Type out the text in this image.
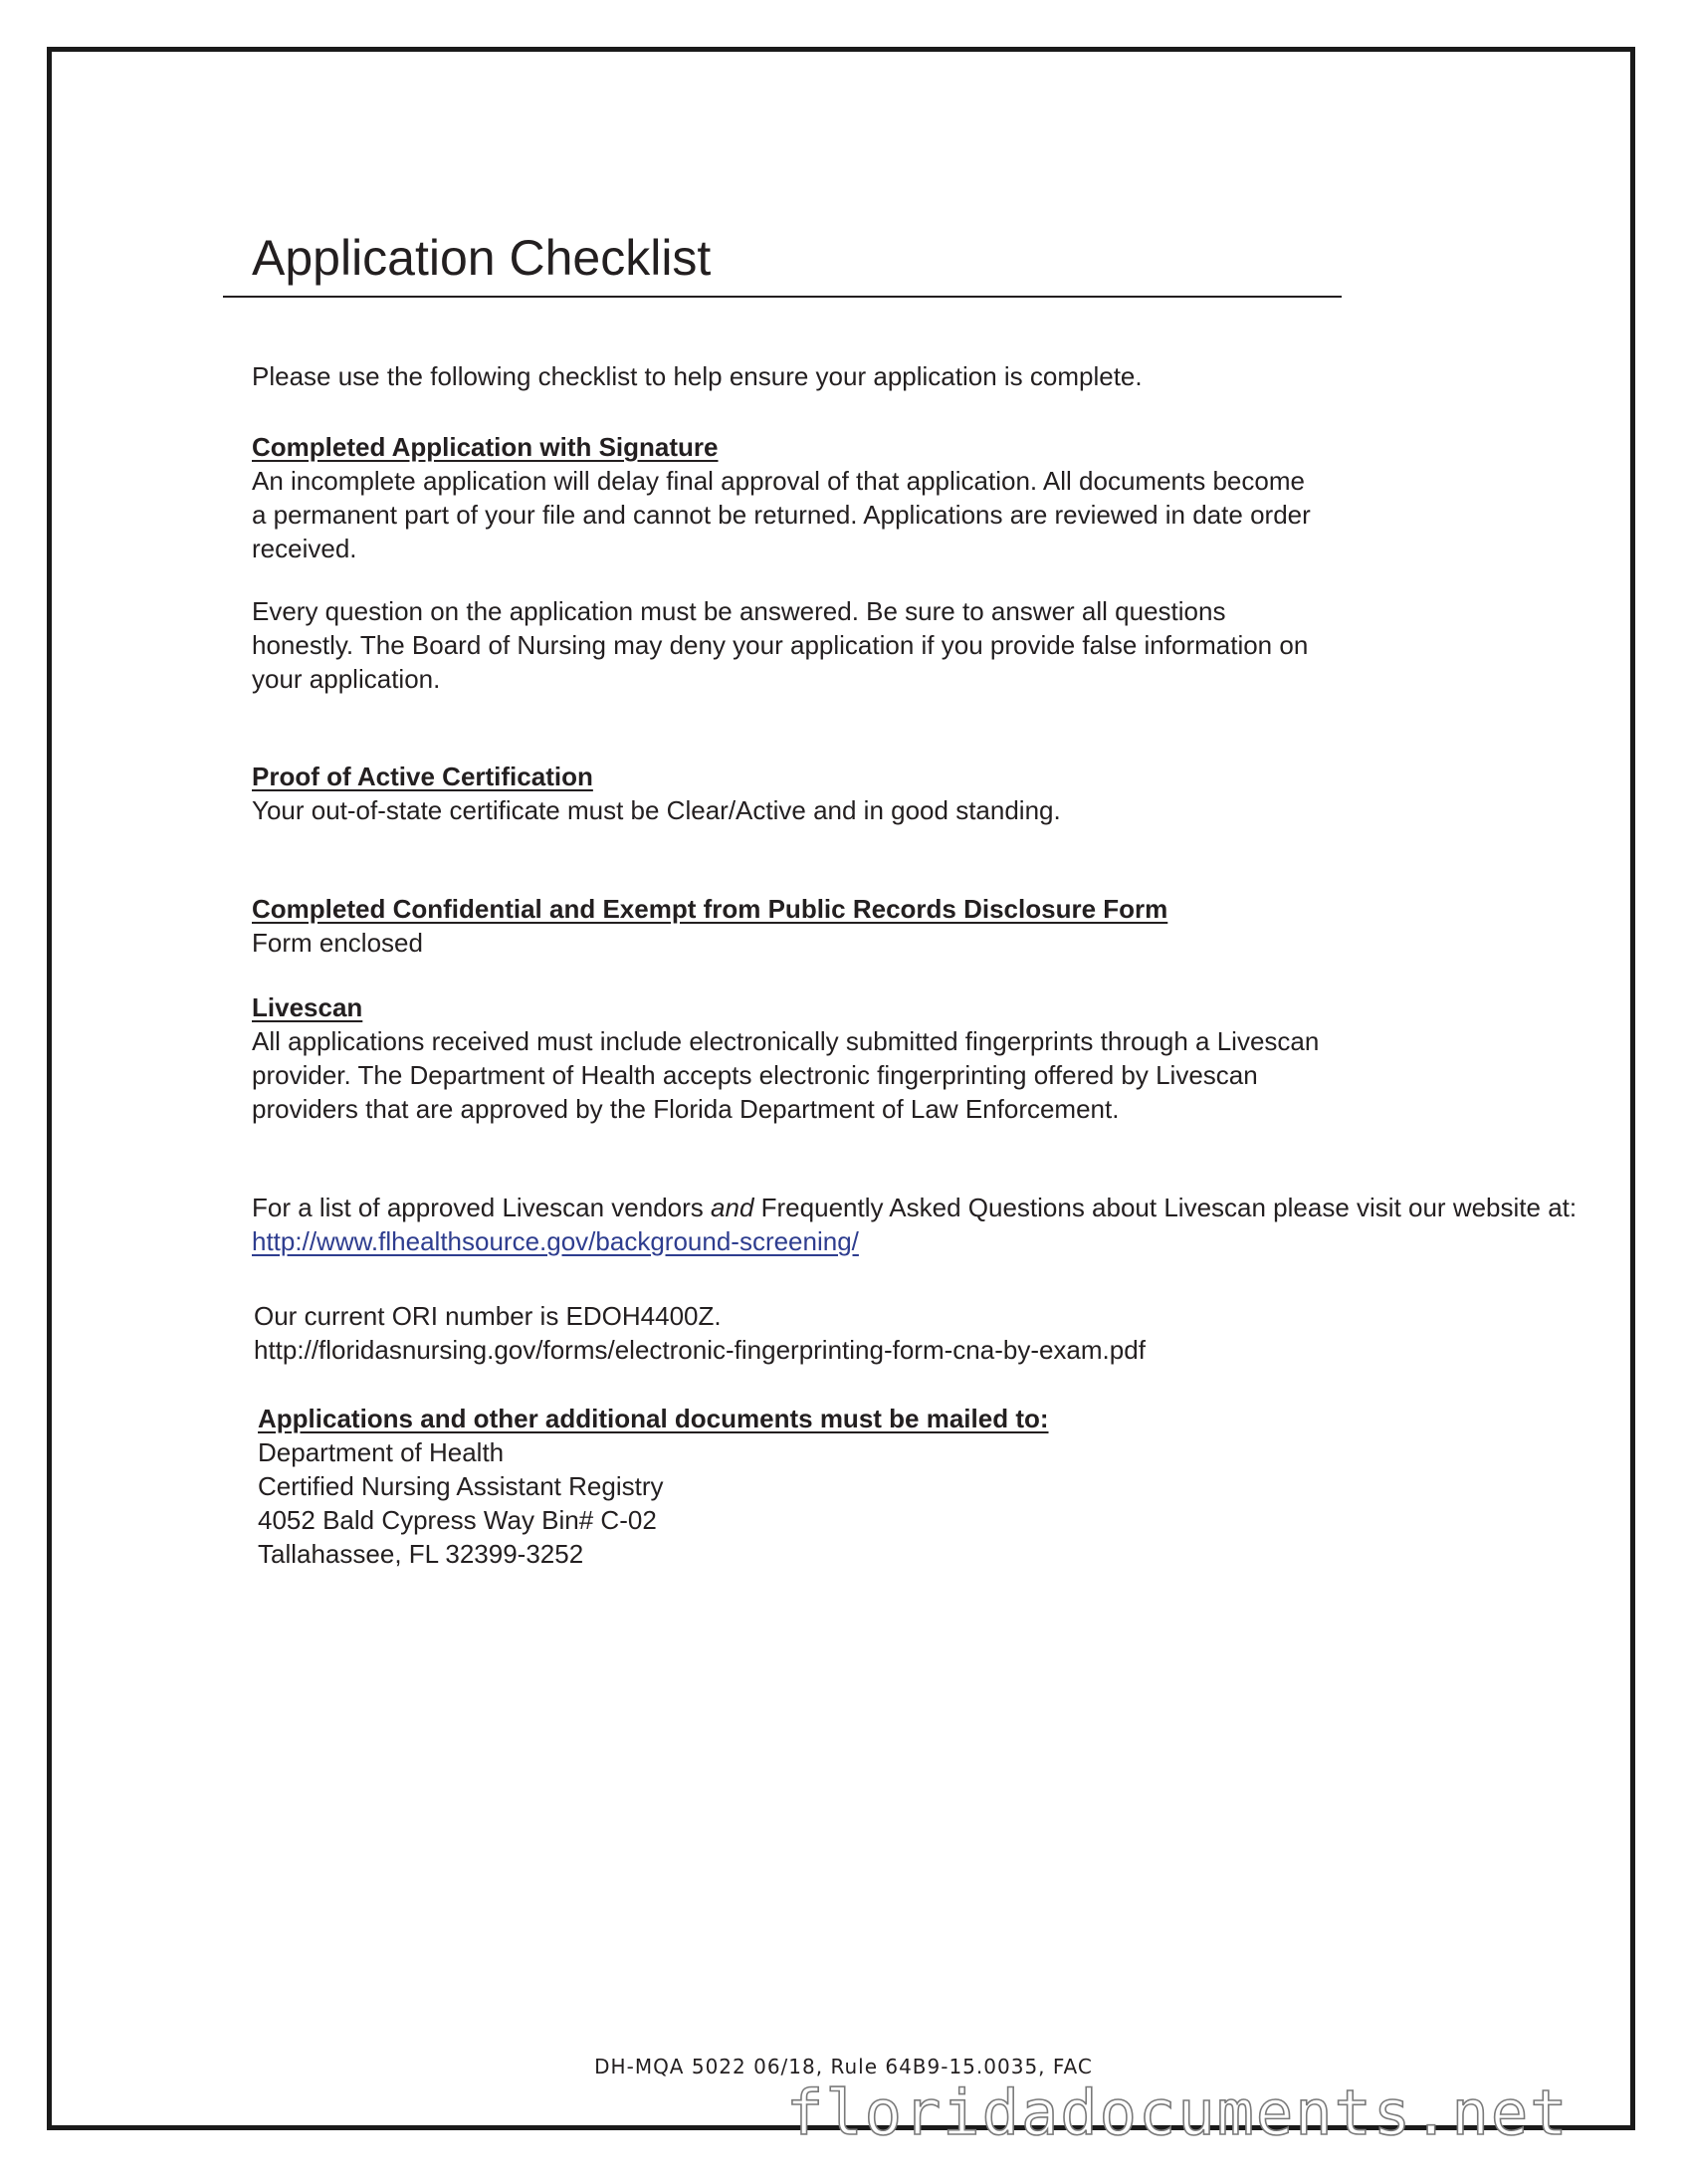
Application Checklist

Please use the following checklist to help ensure your application is complete.

Completed Application with Signature
An incomplete application will delay final approval of that application. All documents become
a permanent part of your file and cannot be returned. Applications are reviewed in date order
received.
Every question on the application must be answered. Be sure to answer all questions
honestly. The Board of Nursing may deny your application if you provide false information on
your application.
Proof of Active Certification
Your out-of-state certificate must be Clear/Active and in good standing.
Completed Confidential and Exempt from Public Records Disclosure Form
Form enclosed
Livescan
All applications received must include electronically submitted fingerprints through a Livescan
provider. The Department of Health accepts electronic fingerprinting offered by Livescan
providers that are approved by the Florida Department of Law Enforcement.
For a list of approved Livescan vendors and Frequently Asked Questions about Livescan please visit our website at:
http://www.flhealthsource.gov/background-screening/
Our current ORI number is EDOH4400Z.
http://floridasnursing.gov/forms/electronic-fingerprinting-form-cna-by-exam.pdf
Applications and other additional documents must be mailed to:
Department of Health
Certified Nursing Assistant Registry
4052 Bald Cypress Way Bin# C-02
Tallahassee, FL 32399-3252
DH-MQA 5022 06/18, Rule 64B9-15.0035, FAC
floridadocuments.net
